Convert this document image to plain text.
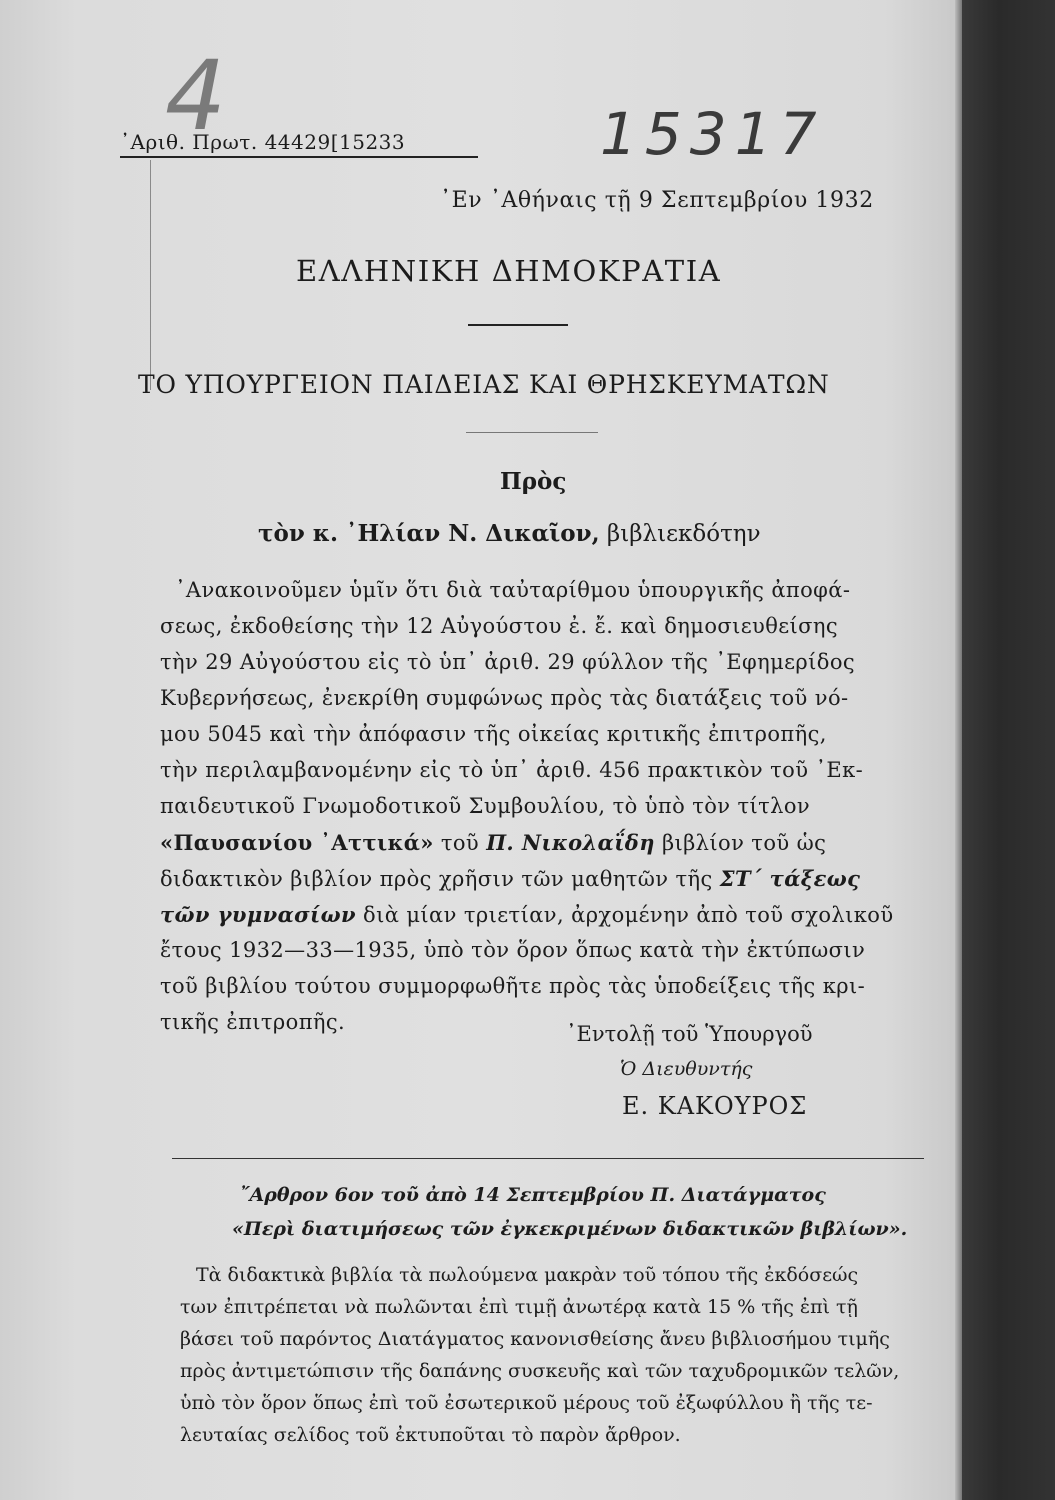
4
᾿Αριθ. Πρωτ. 44429[15233	15317
᾿Εν ᾿Αθήναις τῇ 9 Σεπτεμβρίου 1932
ΕΛΛΗΝΙΚΗ ΔΗΜΟΚΡΑΤΙΑ
ΤΟ ΥΠΟΥΡΓΕΙΟΝ ΠΑΙΔΕΙΑΣ ΚΑΙ ΘΡΗΣΚΕΥΜΑΤΩΝ
Πρὸς
τὸν κ. ᾿Ηλίαν Ν. Δικαῖον, βιβλιεκδότην
᾿Ανακοινοῦμεν ὑμῖν ὅτι διὰ ταὐταρίθμου ὑπουργικῆς ἀποφά-
σεως, ἐκδοθείσης τὴν 12 Αὐγούστου ἐ. ἔ. καὶ δημοσιευθείσης
τὴν 29 Αὐγούστου εἰς τὸ ὑπ᾿ ἀριθ. 29 φύλλον τῆς ᾿Εφημερίδος
Κυβερνήσεως, ἐνεκρίθη συμφώνως πρὸς τὰς διατάξεις τοῦ νό-
μου 5045 καὶ τὴν ἀπόφασιν τῆς οἰκείας κριτικῆς ἐπιτροπῆς,
τὴν περιλαμβανομένην εἰς τὸ ὑπ᾿ ἀριθ. 456 πρακτικὸν τοῦ ᾿Εκ-
παιδευτικοῦ Γνωμοδοτικοῦ Συμβουλίου, τὸ ὑπὸ τὸν τίτλον
«Παυσανίου ᾿Αττικά» τοῦ Π. Νικολαΐδη βιβλίον τοῦ ὡς
διδακτικὸν βιβλίον πρὸς χρῆσιν τῶν μαθητῶν τῆς ΣΤ´ τάξεως
τῶν γυμνασίων διὰ μίαν τριετίαν, ἀρχομένην ἀπὸ τοῦ σχολικοῦ
ἔτους 1932—33—1935, ὑπὸ τὸν ὅρον ὅπως κατὰ τὴν ἐκτύπωσιν
τοῦ βιβλίου τούτου συμμορφωθῆτε πρὸς τὰς ὑποδείξεις τῆς κρι-
τικῆς ἐπιτροπῆς.	᾿Εντολῇ τοῦ Ὑπουργοῦ
Ὁ Διευθυντής
Ε. ΚΑΚΟΥΡΟΣ
῎Αρθρον 6ον τοῦ ἀπὸ 14 Σεπτεμβρίου Π. Διατάγματος
«Περὶ διατιμήσεως τῶν ἐγκεκριμένων διδακτικῶν βιβλίων».
Τὰ διδακτικὰ βιβλία τὰ πωλούμενα μακρὰν τοῦ τόπου τῆς ἐκδόσεώς
των ἐπιτρέπεται νὰ πωλῶνται ἐπὶ τιμῇ ἀνωτέρᾳ κατὰ 15 % τῆς ἐπὶ τῇ
βάσει τοῦ παρόντος Διατάγματος κανονισθείσης ἄνευ βιβλιοσήμου τιμῆς
πρὸς ἀντιμετώπισιν τῆς δαπάνης συσκευῆς καὶ τῶν ταχυδρομικῶν τελῶν,
ὑπὸ τὸν ὅρον ὅπως ἐπὶ τοῦ ἐσωτερικοῦ μέρους τοῦ ἐξωφύλλου ἢ τῆς τε-
λευταίας σελίδος τοῦ ἐκτυποῦται τὸ παρὸν ἄρθρον.
